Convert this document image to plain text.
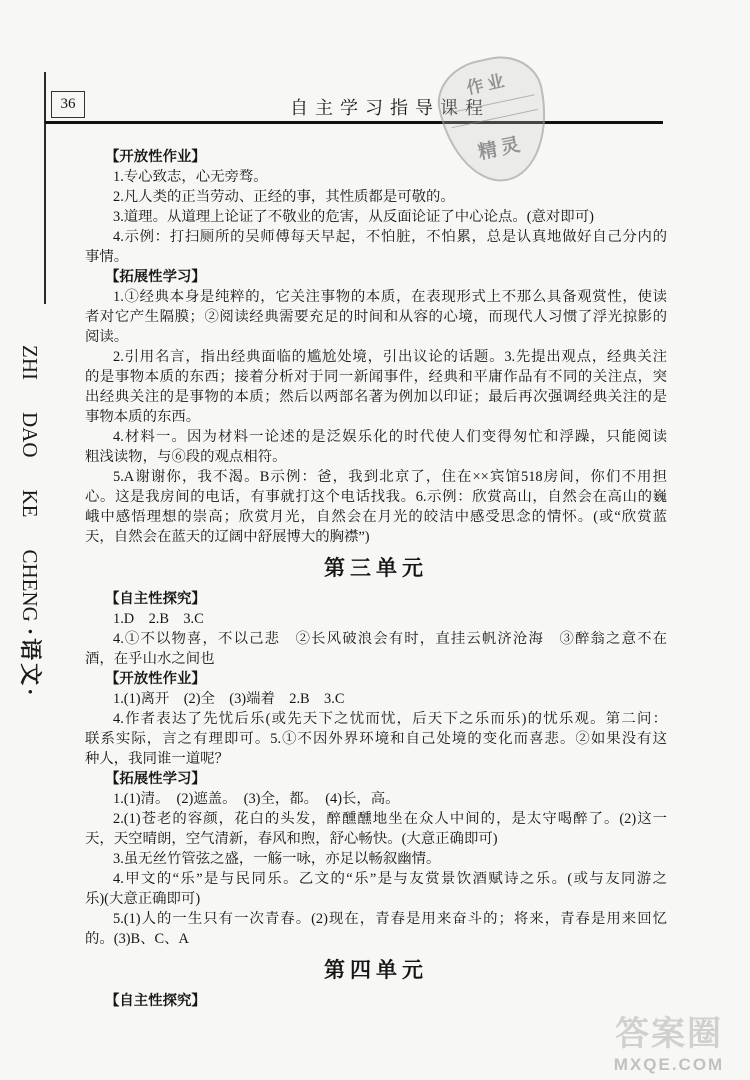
36	自主学习指导课程
作业
精灵
ZHI
DAO
KE
CHENG
·语文·
【开放性作业】
1.专心致志，心无旁骛。
2.凡人类的正当劳动、正经的事，其性质都是可敬的。
3.道理。从道理上论证了不敬业的危害，从反面论证了中心论点。(意对即可)
4.示例：打扫厕所的吴师傅每天早起，不怕脏，不怕累，总是认真地做好自己分内的
事情。
【拓展性学习】
1.①经典本身是纯粹的，它关注事物的本质，在表现形式上不那么具备观赏性，使读
者对它产生隔膜；②阅读经典需要充足的时间和从容的心境，而现代人习惯了浮光掠影的
阅读。
2.引用名言，指出经典面临的尴尬处境，引出议论的话题。3.先提出观点，经典关注
的是事物本质的东西；接着分析对于同一新闻事件，经典和平庸作品有不同的关注点，突
出经典关注的是事物的本质；然后以两部名著为例加以印证；最后再次强调经典关注的是
事物本质的东西。
4.材料一。因为材料一论述的是泛娱乐化的时代使人们变得匆忙和浮躁，只能阅读
粗浅读物，与⑥段的观点相符。
5.A谢谢你，我不渴。B示例：爸，我到北京了，住在××宾馆518房间，你们不用担
心。这是我房间的电话，有事就打这个电话找我。6.示例：欣赏高山，自然会在高山的巍
峨中感悟理想的崇高；欣赏月光，自然会在月光的皎洁中感受思念的情怀。(或“欣赏蓝
天，自然会在蓝天的辽阔中舒展博大的胸襟”)
第三单元
【自主性探究】
1.D　2.B　3.C
4.①不以物喜，不以己悲　②长风破浪会有时，直挂云帆济沧海　③醉翁之意不在
酒，在乎山水之间也
【开放性作业】
1.(1)离开　(2)全　(3)端着　2.B　3.C
4.作者表达了先忧后乐(或先天下之忧而忧，后天下之乐而乐)的忧乐观。第二问：
联系实际，言之有理即可。5.①不因外界环境和自己处境的变化而喜悲。②如果没有这
种人，我同谁一道呢？
【拓展性学习】
1.(1)清。　(2)遮盖。　(3)全，都。　(4)长，高。
2.(1)苍老的容颜，花白的头发，醉醺醺地坐在众人中间的，是太守喝醉了。(2)这一
天，天空晴朗，空气清新，春风和煦，舒心畅快。(大意正确即可)
3.虽无丝竹管弦之盛，一觞一咏，亦足以畅叙幽情。
4.甲文的“乐”是与民同乐。乙文的“乐”是与友赏景饮酒赋诗之乐。(或与友同游之
乐)(大意正确即可)
5.(1)人的一生只有一次青春。(2)现在，青春是用来奋斗的；将来，青春是用来回忆
的。(3)B、C、A
第四单元
【自主性探究】
答案圈
MXQE.COM
